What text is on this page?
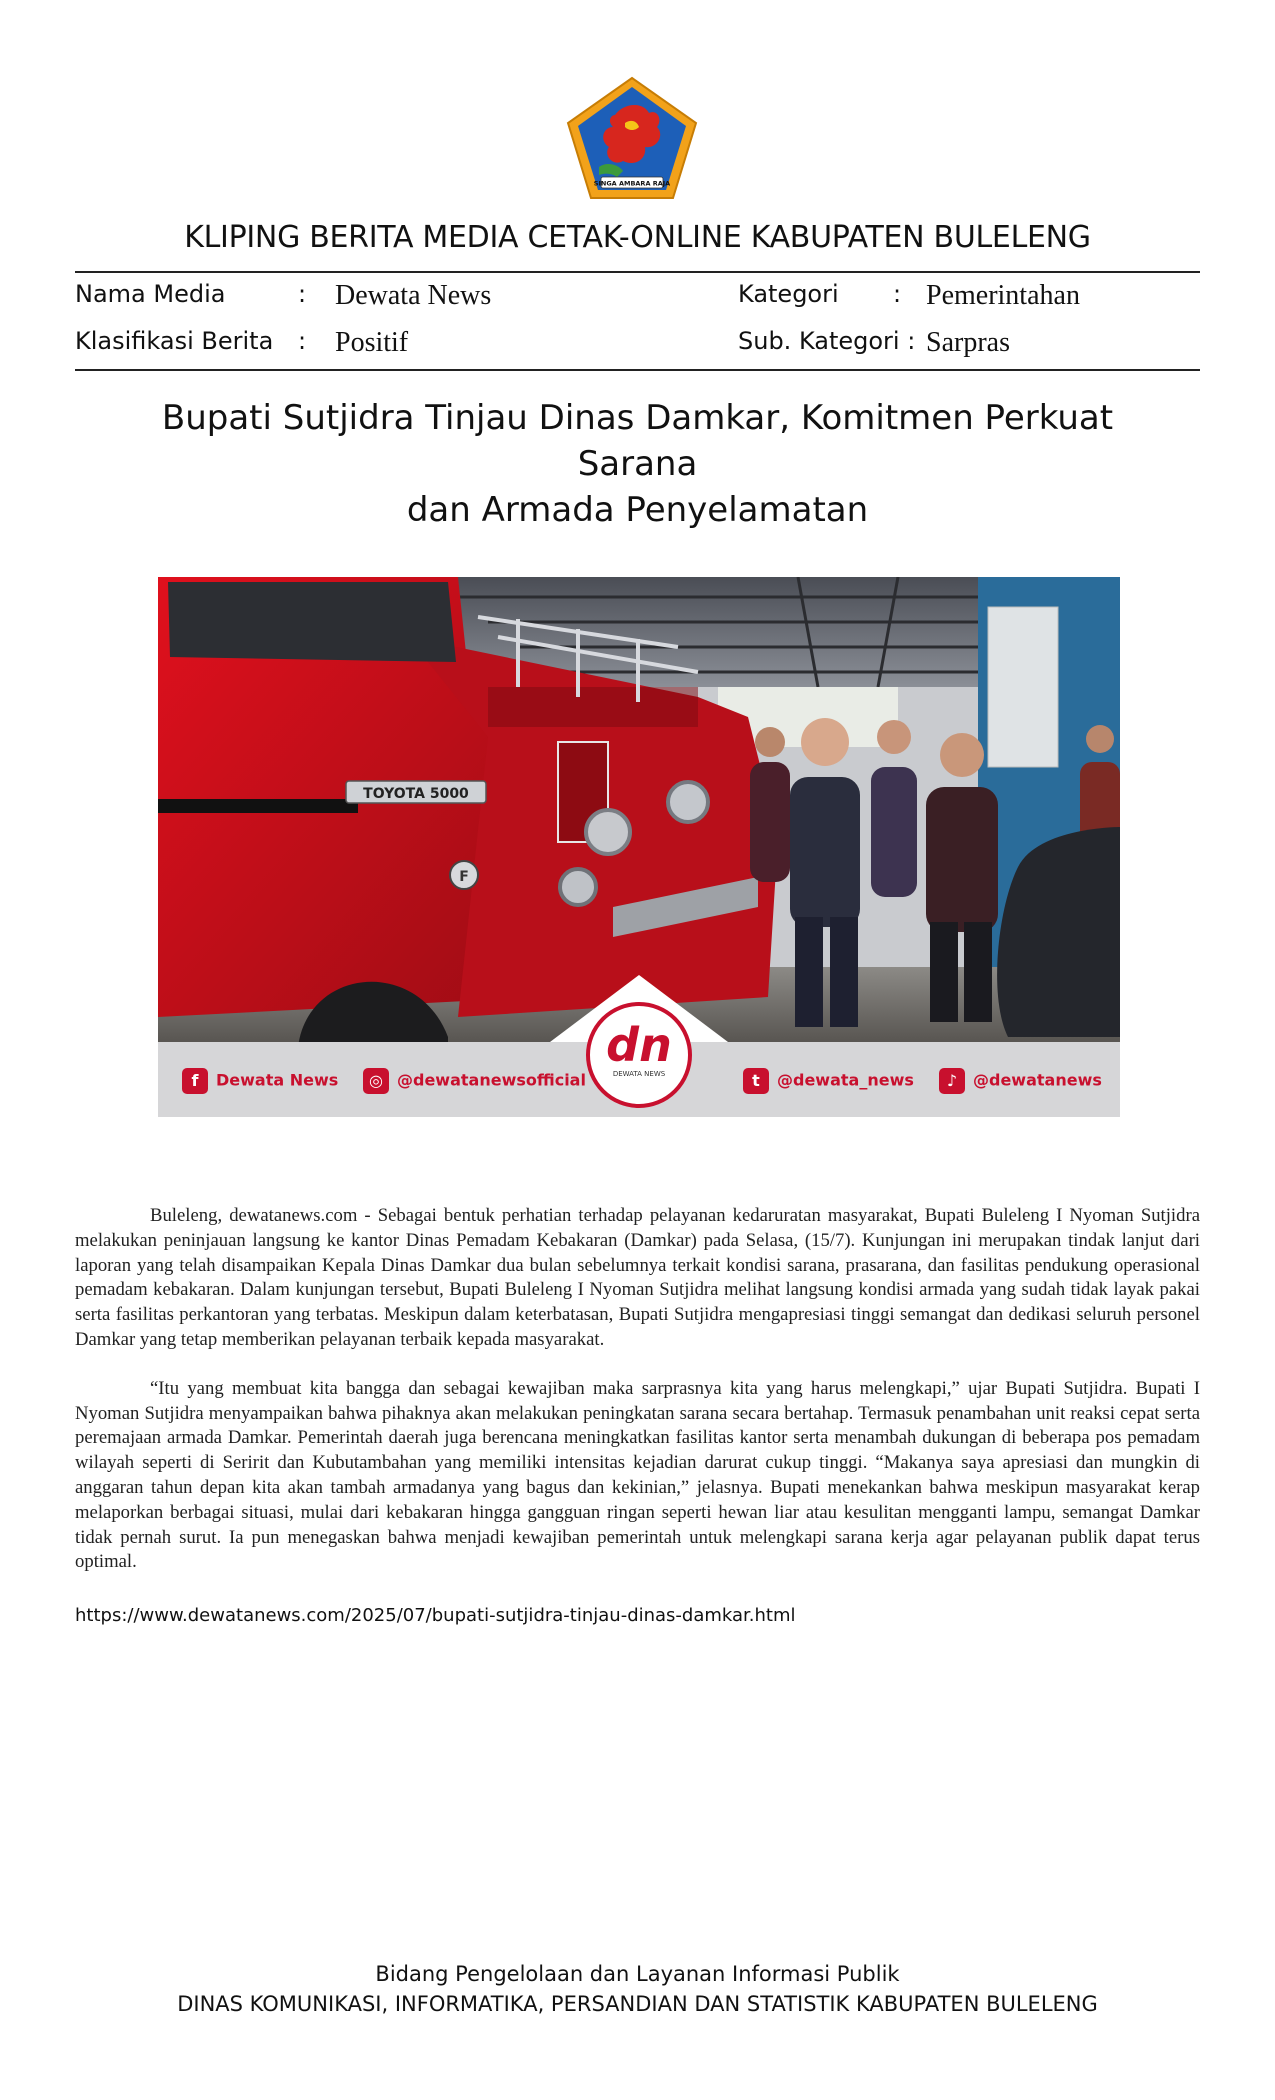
SINGA AMBARA RAJA
KLIPING BERITA MEDIA CETAK-ONLINE KABUPATEN BULELENG
Nama Media	: Dewata News	Kategori : Pemerintahan
Klasifikasi Berita : Positif	Sub. Kategori : Sarpras
Bupati Sutjidra Tinjau Dinas Damkar, Komitmen Perkuat Sarana
dan Armada Penyelamatan
TOYOTA 5000
F
f Dewata News	◎ @dewatanewsofficial	t @dewata_news	♪ @dewatanews
dn
DEWATA NEWS

Buleleng, dewatanews.com - Sebagai bentuk perhatian terhadap pelayanan kedaruratan masyarakat, Bupati Buleleng I Nyoman Sutjidra melakukan peninjauan langsung ke kantor Dinas Pemadam Kebakaran (Damkar) pada Selasa, (15/7). Kunjungan ini merupakan tindak lanjut dari laporan yang telah disampaikan Kepala Dinas Damkar dua bulan sebelumnya terkait kondisi sarana, prasarana, dan fasilitas pendukung operasional pemadam kebakaran. Dalam kunjungan tersebut, Bupati Buleleng I Nyoman Sutjidra melihat langsung kondisi armada yang sudah tidak layak pakai serta fasilitas perkantoran yang terbatas. Meskipun dalam keterbatasan, Bupati Sutjidra mengapresiasi tinggi semangat dan dedikasi seluruh personel Damkar yang tetap memberikan pelayanan terbaik kepada masyarakat.

“Itu yang membuat kita bangga dan sebagai kewajiban maka sarprasnya kita yang harus melengkapi,” ujar Bupati Sutjidra. Bupati I Nyoman Sutjidra menyampaikan bahwa pihaknya akan melakukan peningkatan sarana secara bertahap. Termasuk penambahan unit reaksi cepat serta peremajaan armada Damkar. Pemerintah daerah juga berencana meningkatkan fasilitas kantor serta menambah dukungan di beberapa pos pemadam wilayah seperti di Seririt dan Kubutambahan yang memiliki intensitas kejadian darurat cukup tinggi. “Makanya saya apresiasi dan mungkin di anggaran tahun depan kita akan tambah armadanya yang bagus dan kekinian,” jelasnya. Bupati menekankan bahwa meskipun masyarakat kerap melaporkan berbagai situasi, mulai dari kebakaran hingga gangguan ringan seperti hewan liar atau kesulitan mengganti lampu, semangat Damkar tidak pernah surut. Ia pun menegaskan bahwa menjadi kewajiban pemerintah untuk melengkapi sarana kerja agar pelayanan publik dapat terus optimal.

https://www.dewatanews.com/2025/07/bupati-sutjidra-tinjau-dinas-damkar.html
Bidang Pengelolaan dan Layanan Informasi Publik
DINAS KOMUNIKASI, INFORMATIKA, PERSANDIAN DAN STATISTIK KABUPATEN BULELENG
